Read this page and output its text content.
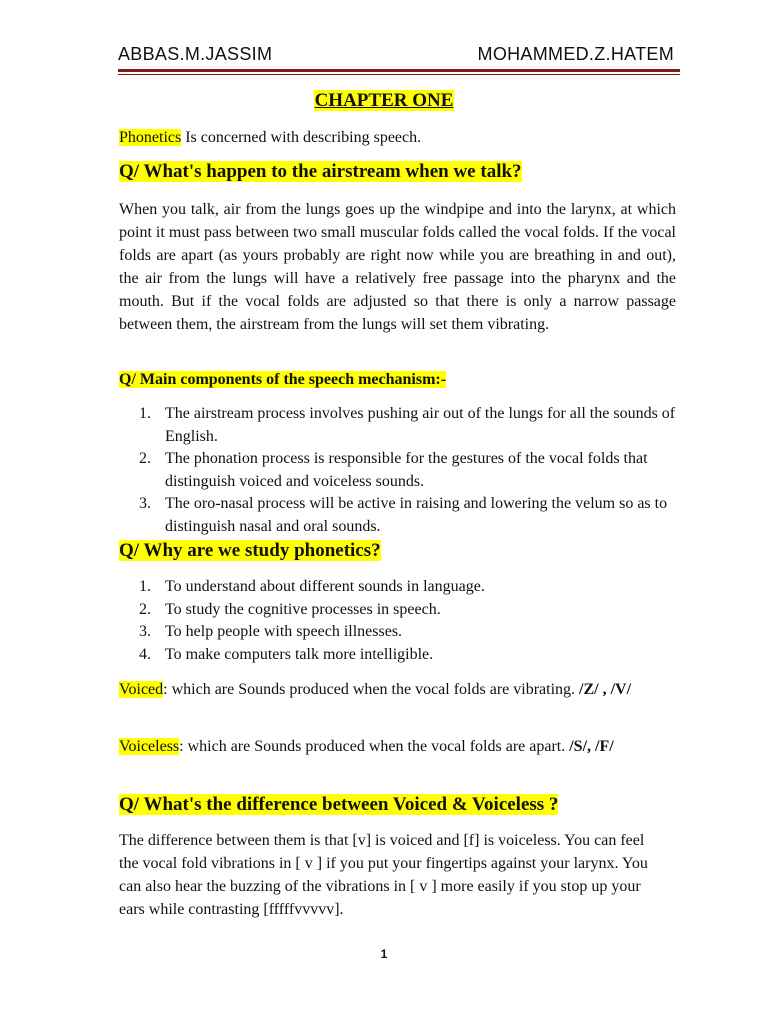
ABBAS.M.JASSIM	MOHAMMED.Z.HATEM
CHAPTER ONE
Phonetics Is concerned with describing speech.
Q/ What's happen to the airstream when we talk?
When you talk, air from the lungs goes up the windpipe and into the larynx, at which point it must pass between two small muscular folds called the vocal folds. If the vocal folds are apart (as yours probably are right now while you are breathing in and out), the air from the lungs will have a relatively free passage into the pharynx and the mouth. But if the vocal folds are adjusted so that there is only a narrow passage between them, the airstream from the lungs will set them vibrating.
Q/ Main components of the speech mechanism:-
1. The airstream process involves pushing air out of the lungs for all the sounds of English.
2. The phonation process is responsible for the gestures of the vocal folds that distinguish voiced and voiceless sounds.
3. The oro-nasal process will be active in raising and lowering the velum so as to distinguish nasal and oral sounds.
Q/ Why are we study phonetics?
1. To understand about different sounds in language.
2. To study the cognitive processes in speech.
3. To help people with speech illnesses.
4. To make computers talk more intelligible.
Voiced: which are Sounds produced when the vocal folds are vibrating. /Z/ , /V/
Voiceless: which are Sounds produced when the vocal folds are apart. /S/, /F/
Q/ What's the difference between Voiced & Voiceless ?
The difference between them is that [v] is voiced and [f] is voiceless. You can feel the vocal fold vibrations in [ v ] if you put your fingertips against your larynx. You can also hear the buzzing of the vibrations in [ v ] more easily if you stop up your ears while contrasting [fffffvvvvv].
1
